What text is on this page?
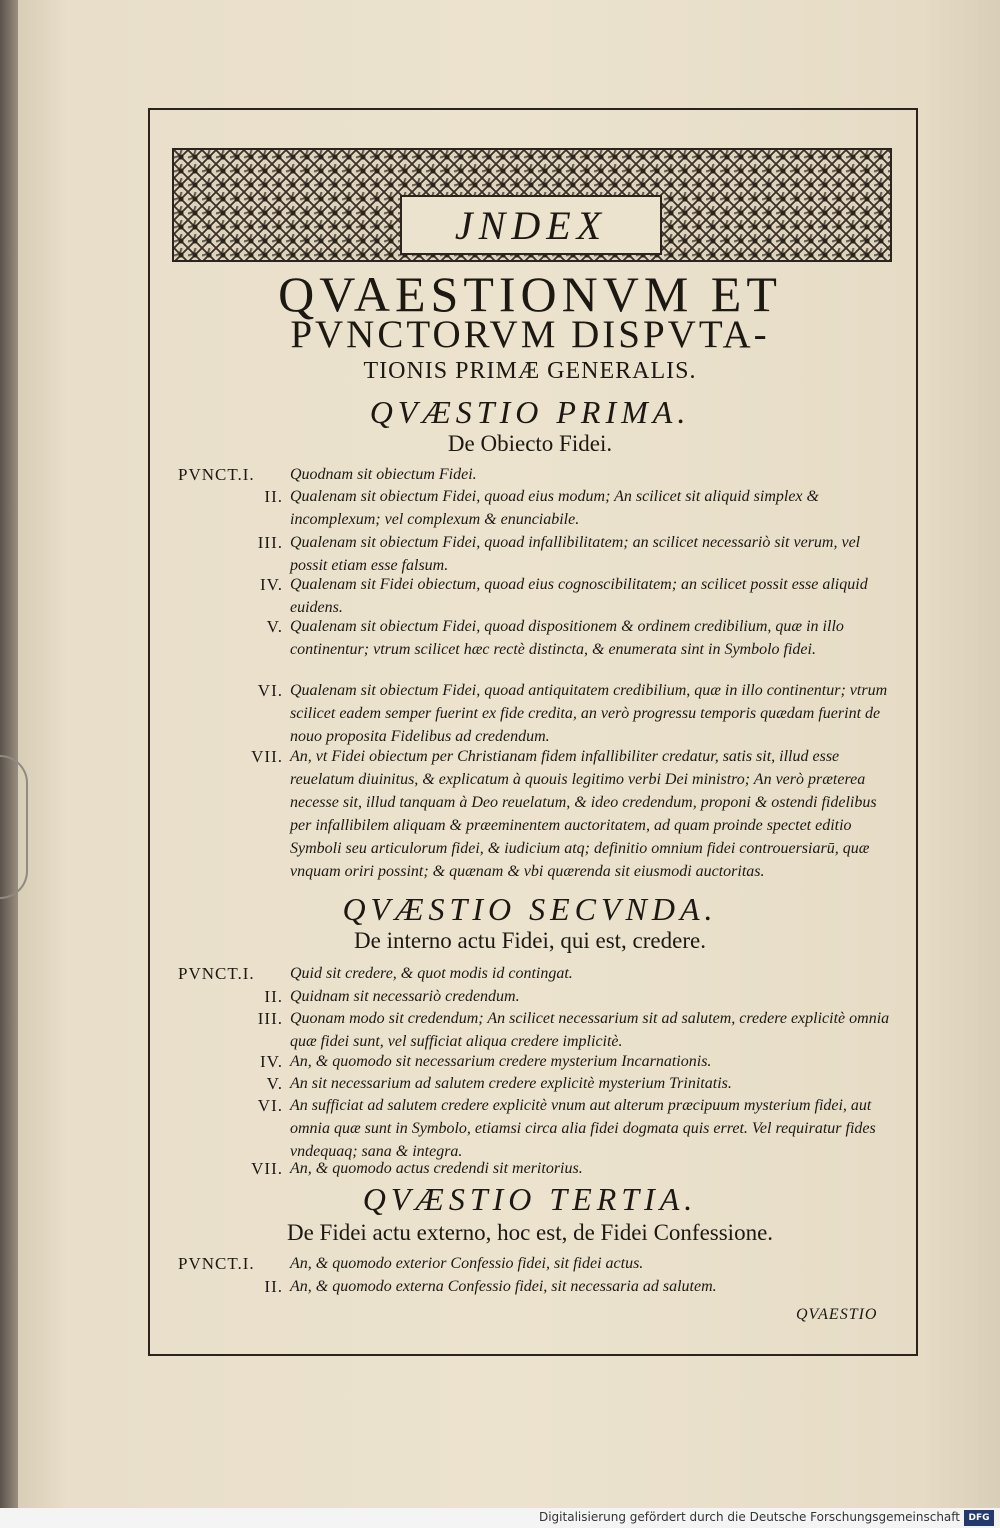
JNDEX
QVAESTIONVM ET
PVNCTORVM DISPVTA-
TIONIS PRIMÆ GENERALIS.
QVÆSTIO PRIMA.
De Obiecto Fidei.
PVNCT.I.	Quodnam sit obiectum Fidei.
II. Qualenam sit obiectum Fidei, quoad eius modum; An scilicet sit aliquid simplex & incomplexum; vel complexum & enunciabile.
III. Qualenam sit obiectum Fidei, quoad infallibilitatem; an scilicet necessariò sit verum, vel possit etiam esse falsum.
IV. Qualenam sit Fidei obiectum, quoad eius cognoscibilitatem; an scilicet possit esse aliquid euidens.
V. Qualenam sit obiectum Fidei, quoad dispositionem & ordinem credibilium, quæ in illo continentur; vtrum scilicet hæc rectè distincta, & enumerata sint in Symbolo fidei.
VI. Qualenam sit obiectum Fidei, quoad antiquitatem credibilium, quæ in illo continentur; vtrum scilicet eadem semper fuerint ex fide credita, an verò progressu temporis quædam fuerint de nouo proposita Fidelibus ad credendum.
VII. An, vt Fidei obiectum per Christianam fidem infallibiliter credatur, satis sit, illud esse reuelatum diuinitus, & explicatum à quouis legitimo verbi Dei ministro; An verò præterea necesse sit, illud tanquam à Deo reuelatum, & ideo credendum, proponi & ostendi fidelibus per infallibilem aliquam & præeminentem auctoritatem, ad quam proinde spectet editio Symboli seu articulorum fidei, & iudicium atq; definitio omnium fidei controuersiarū, quæ vnquam oriri possint; & quænam & vbi quærenda sit eiusmodi auctoritas.
QVÆSTIO SECVNDA.
De interno actu Fidei, qui est, credere.
PVNCT.I.	Quid sit credere, & quot modis id contingat.
II. Quidnam sit necessariò credendum.
III. Quonam modo sit credendum; An scilicet necessarium sit ad salutem, credere explicitè omnia quæ fidei sunt, vel sufficiat aliqua credere implicitè.
IV. An, & quomodo sit necessarium credere mysterium Incarnationis.
V. An sit necessarium ad salutem credere explicitè mysterium Trinitatis.
VI. An sufficiat ad salutem credere explicitè vnum aut alterum præcipuum mysterium fidei, aut omnia quæ sunt in Symbolo, etiamsi circa alia fidei dogmata quis erret. Vel requiratur fides vndequaq; sana & integra.
VII. An, & quomodo actus credendi sit meritorius.
QVÆSTIO TERTIA.
De Fidei actu externo, hoc est, de Fidei Confessione.
PVNCT.I.	An, & quomodo exterior Confessio fidei, sit fidei actus.
II. An, & quomodo externa Confessio fidei, sit necessaria ad salutem.
QVAESTIO
Digitalisierung gefördert durch die Deutsche Forschungsgemeinschaft DFG
